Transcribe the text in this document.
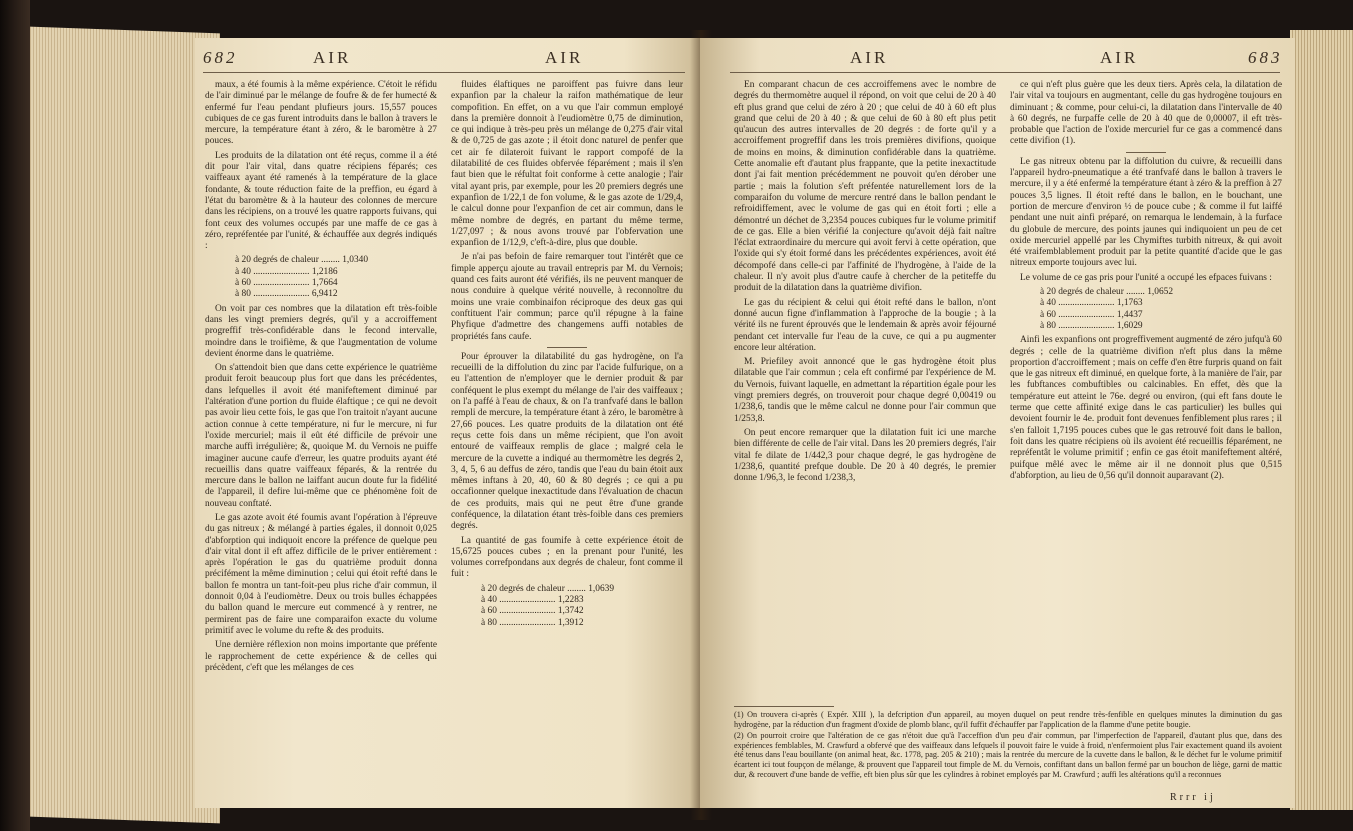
682	AIR	AIR

maux, a été foumis à la même expérience. C'étoit le réfidu de l'air diminué par le mélange de foufre & de fer humecté & enfermé fur l'eau pendant plufieurs jours. 15,557 pouces cubiques de ce gas furent introduits dans le ballon à travers le mercure, la température étant à zéro, & le baromètre à 27 pouces.

Les produits de la dilatation ont été reçus, comme il a été dit pour l'air vital, dans quatre récipiens féparés; ces vaiffeaux ayant été ramenés à la température de la glace fondante, & toute réduction faite de la preffion, eu égard à l'état du baromètre & à la hauteur des colonnes de mercure dans les récipiens, on a trouvé les quatre rapports fuivans, qui font ceux des volumes occupés par une maffe de ce gas à zéro, repréfentée par l'unité, & échauffée aux degrés indiqués :

à 20 degrés de chaleur ........ 1,0340
à 40 ........................ 1,2186
à 60 ........................ 1,7664
à 80 ........................ 6,9412

On voit par ces nombres que la dilatation eft très-foible dans les vingt premiers degrés, qu'il y a accroiffement progreffif très-confidérable dans le fecond intervalle, moindre dans le troifième, & que l'augmentation de volume devient énorme dans le quatrième.

On s'attendoit bien que dans cette expérience le quatrième produit feroit beaucoup plus fort que dans les précédentes, dans lefquelles il avoit été manifeftement diminué par l'altération d'une portion du fluide élaftique ; ce qui ne devoit pas avoir lieu cette fois, le gas que l'on traitoit n'ayant aucune action connue à cette température, ni fur le mercure, ni fur l'oxide mercuriel; mais il eût été difficile de prévoir une marche auffi irrégulière; &, quoique M. du Vernois ne puiffe imaginer aucune caufe d'erreur, les quatre produits ayant été recueillis dans quatre vaiffeaux féparés, & la rentrée du mercure dans le ballon ne laiffant aucun doute fur la fidélité de l'appareil, il defire lui-même que ce phénomène foit de nouveau conftaté.

Le gas azote avoit été foumis avant l'opération à l'épreuve du gas nitreux ; & mélangé à parties égales, il donnoit 0,025 d'abforption qui indiquoit encore la préfence de quelque peu d'air vital dont il eft affez difficile de le priver entièrement : après l'opération le gas du quatrième produit donna précifément la même diminution ; celui qui étoit refté dans le ballon fe montra un tant-foit-peu plus riche d'air commun, il donnoit 0,04 à l'eudiomètre. Deux ou trois bulles échappées du ballon quand le mercure eut commencé à y rentrer, ne permirent pas de faire une comparaifon exacte du volume primitif avec le volume du refte & des produits.

Une dernière réflexion non moins importante que préfente le rapprochement de cette expérience & de celles qui précèdent, c'eft que les mélanges de ces

fluides élaftiques ne paroiffent pas fuivre dans leur expanfion par la chaleur la raifon mathématique de leur compofition. En effet, on a vu que l'air commun employé dans la première donnoit à l'eudiomètre 0,75 de diminution, ce qui indique à très-peu près un mélange de 0,275 d'air vital & de 0,725 de gas azote ; il étoit donc naturel de penfer que cet air fe dilateroit fuivant le rapport compofé de la dilatabilité de ces fluides obfervée féparément ; mais il s'en faut bien que le réfultat foit conforme à cette analogie ; l'air vital ayant pris, par exemple, pour les 20 premiers degrés une expanfion de 1/22,1 de fon volume, & le gas azote de 1/29,4, le calcul donne pour l'expanfion de cet air commun, dans le même nombre de degrés, en partant du même terme, 1/27,097 ; & nous avons trouvé par l'obfervation une expanfion de 1/12,9, c'eft-à-dire, plus que double.

Je n'ai pas befoin de faire remarquer tout l'intérêt que ce fimple apperçu ajoute au travail entrepris par M. du Vernois; quand ces faits auront été vérifiés, ils ne peuvent manquer de nous conduire à quelque vérité nouvelle, à reconnoître du moins une vraie combinaifon réciproque des deux gas qui conftituent l'air commun; parce qu'il répugne à la faine Phyfique d'admettre des changemens auffi notables de propriétés fans caufe.

Pour éprouver la dilatabilité du gas hydrogène, on l'a recueilli de la diffolution du zinc par l'acide fulfurique, on a eu l'attention de n'employer que le dernier produit & par conféquent le plus exempt du mélange de l'air des vaiffeaux ; on l'a paffé à l'eau de chaux, & on l'a tranfvafé dans le ballon rempli de mercure, la température étant à zéro, le baromètre à 27,66 pouces. Les quatre produits de la dilatation ont été reçus cette fois dans un même récipient, que l'on avoit entouré de vaiffeaux remplis de glace ; malgré cela le mercure de la cuvette a indiqué au thermomètre les degrés 2, 3, 4, 5, 6 au deffus de zéro, tandis que l'eau du bain étoit aux mêmes inftans à 20, 40, 60 & 80 degrés ; ce qui a pu occafionner quelque inexactitude dans l'évaluation de chacun de ces produits, mais qui ne peut être d'une grande conféquence, la dilatation étant très-foible dans ces premiers degrés.

La quantité de gas foumife à cette expérience étoit de 15,6725 pouces cubes ; en la prenant pour l'unité, les volumes correfpondans aux degrés de chaleur, font comme il fuit :

à 20 degrés de chaleur ........ 1,0639
à 40 ........................ 1,2283
à 60 ........................ 1,3742
à 80 ........................ 1,3912
AIR	AIR	683

En comparant chacun de ces accroiffemens avec le nombre de degrés du thermomètre auquel il répond, on voit que celui de 20 à 40 eft plus grand que celui de zéro à 20 ; que celui de 40 à 60 eft plus grand que celui de 20 à 40 ; & que celui de 60 à 80 eft plus petit qu'aucun des autres intervalles de 20 degrés : de forte qu'il y a accroiffement progreffif dans les trois premières divifions, quoique de moins en moins, & diminution confidérable dans la quatrième. Cette anomalie eft d'autant plus frappante, que la petite inexactitude dont j'ai fait mention précédemment ne pouvoit qu'en dérober une partie ; mais la folution s'eft préfentée naturellement lors de la comparaifon du volume de mercure rentré dans le ballon pendant le refroidiffement, avec le volume de gas qui en étoit forti ; elle a démontré un déchet de 3,2354 pouces cubiques fur le volume primitif de ce gas. Elle a bien vérifié la conjecture qu'avoit déjà fait naître l'éclat extraordinaire du mercure qui avoit fervi à cette opération, que l'oxide qui s'y étoit formé dans les précédentes expériences, avoit été décompofé dans celle-ci par l'affinité de l'hydrogène, à l'aide de la chaleur. Il n'y avoit plus d'autre caufe à chercher de la petiteffe du produit de la dilatation dans la quatrième divifion.

Le gas du récipient & celui qui étoit refté dans le ballon, n'ont donné aucun figne d'inflammation à l'approche de la bougie ; à la vérité ils ne furent éprouvés que le lendemain & après avoir féjourné pendant cet intervalle fur l'eau de la cuve, ce qui a pu augmenter encore leur altération.

M. Priefiley avoit annoncé que le gas hydrogène étoit plus dilatable que l'air commun ; cela eft confirmé par l'expérience de M. du Vernois, fuivant laquelle, en admettant la répartition égale pour les vingt premiers degrés, on trouveroit pour chaque degré 0,00419 ou 1/238,6, tandis que le même calcul ne donne pour l'air commun que 1/253,8.

On peut encore remarquer que la dilatation fuit ici une marche bien différente de celle de l'air vital. Dans les 20 premiers degrés, l'air vital fe dilate de 1/442,3 pour chaque degré, le gas hydrogène de 1/238,6, quantité prefque double. De 20 à 40 degrés, le premier donne 1/96,3, le fecond 1/238,3,

ce qui n'eft plus guère que les deux tiers. Après cela, la dilatation de l'air vital va toujours en augmentant, celle du gas hydrogène toujours en diminuant ; & comme, pour celui-ci, la dilatation dans l'intervalle de 40 à 60 degrés, ne furpaffe celle de 20 à 40 que de 0,00007, il eft très-probable que l'action de l'oxide mercuriel fur ce gas a commencé dans cette divifion (1).

Le gas nitreux obtenu par la diffolution du cuivre, & recueilli dans l'appareil hydro-pneumatique a été tranfvafé dans le ballon à travers le mercure, il y a été enfermé la température étant à zéro & la preffion à 27 pouces 3,5 lignes. Il étoit refté dans le ballon, en le bouchant, une portion de mercure d'environ ½ de pouce cube ; & comme il fut laiffé pendant une nuit ainfi préparé, on remarqua le lendemain, à la furface du globule de mercure, des points jaunes qui indiquoient un peu de cet oxide mercuriel appellé par les Chymiftes turbith nitreux, & qui avoit été vraifemblablement produit par la petite quantité d'acide que le gas nitreux emporte toujours avec lui.

Le volume de ce gas pris pour l'unité a occupé les efpaces fuivans :

à 20 degrés de chaleur ........ 1,0652
à 40 ........................ 1,1763
à 60 ........................ 1,4437
à 80 ........................ 1,6029

Ainfi les expanfions ont progreffivement augmenté de zéro jufqu'à 60 degrés ; celle de la quatrième divifion n'eft plus dans la même proportion d'accroiffement ; mais on ceffe d'en être furpris quand on fait que le gas nitreux eft diminué, en quelque forte, à la manière de l'air, par les fubftances combuftibles ou calcinables. En effet, dès que la température eut atteint le 76e. degré ou environ, (qui eft fans doute le terme que cette affinité exige dans le cas particulier) les bulles qui devoient fournir le 4e. produit font devenues fenfiblement plus rares ; il s'en falloit 1,7195 pouces cubes que le gas retrouvé foit dans le ballon, foit dans les quatre récipiens où ils avoient été recueillis féparément, ne repréfentât le volume primitif ; enfin ce gas étoit manifeftement altéré, puifque mêlé avec le même air il ne donnoit plus que 0,515 d'abforption, au lieu de 0,56 qu'il donnoit auparavant (2).

(1) On trouvera ci-après ( Expér. XIII ), la defcription d'un appareil, au moyen duquel on peut rendre très-fenfible en quelques minutes la diminution du gas hydrogène, par la réduction d'un fragment d'oxide de plomb blanc, qu'il fuffit d'échauffer par l'application de la flamme d'une petite bougie.

(2) On pourroit croire que l'altération de ce gas n'étoit due qu'à l'acceffion d'un peu d'air commun, par l'imperfection de l'appareil, d'autant plus que, dans des expériences femblables, M. Crawfurd a obfervé que des vaiffeaux dans lefquels il pouvoit faire le vuide à froid, n'enfermoient plus l'air exactement quand ils avoient été tenus dans l'eau bouillante (on animal heat, &c. 1778, pag. 205 & 210) ; mais la rentrée du mercure de la cuvette dans le ballon, & le déchet fur le volume primitif écartent ici tout foupçon de mélange, & prouvent que l'appareil tout fimple de M. du Vernois, confiftant dans un ballon fermé par un bouchon de liège, garni de mattic dur, & recouvert d'une bande de veffie, eft bien plus sûr que les cylindres à robinet employés par M. Crawfurd ; auffi les altérations qu'il a reconnues

Rrrr ij
